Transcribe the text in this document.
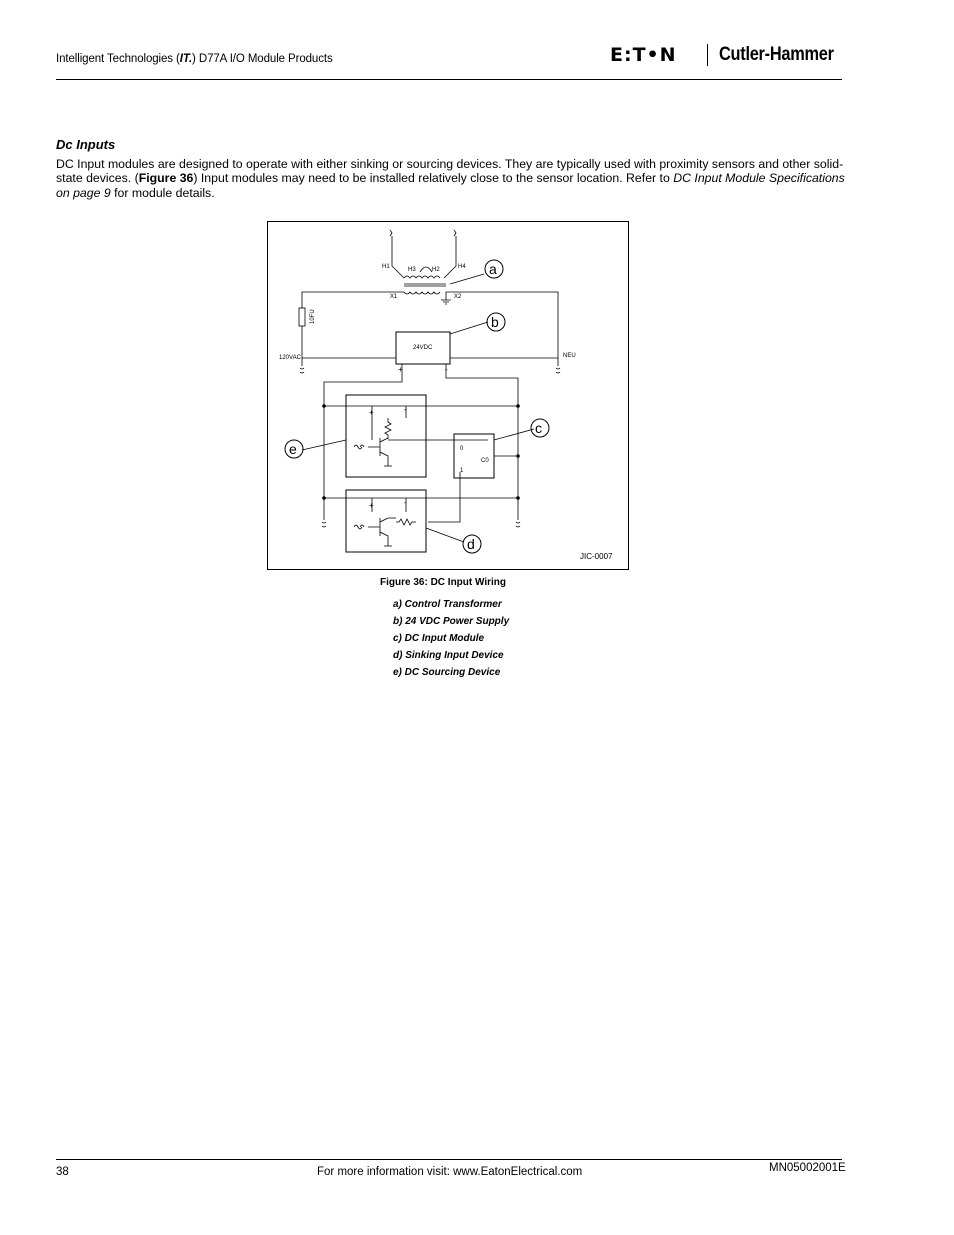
Intelligent Technologies (IT.) D77A I/O Module Products	E:T•N Cutler-Hammer
Dc Inputs
DC Input modules are designed to operate with either sinking or sourcing devices. They are typically used with proximity sensors and other solid-state devices. (Figure 36) Input modules may need to be installed relatively close to the sensor location. Refer to DC Input Module Specifications on page 9 for module details.
H1	H3	H2	H4
X1	X2
10FU
120VAC	NEU
24VDC
+	-
+	-
0
C0
1
+	-
a
b
c
d
e
JIC-0007
Figure 36: DC Input Wiring
a) Control Transformer
b) 24 VDC Power Supply
c) DC Input Module
d) Sinking Input Device
e) DC Sourcing Device
38	For more information visit: www.EatonElectrical.com	MN05002001E
